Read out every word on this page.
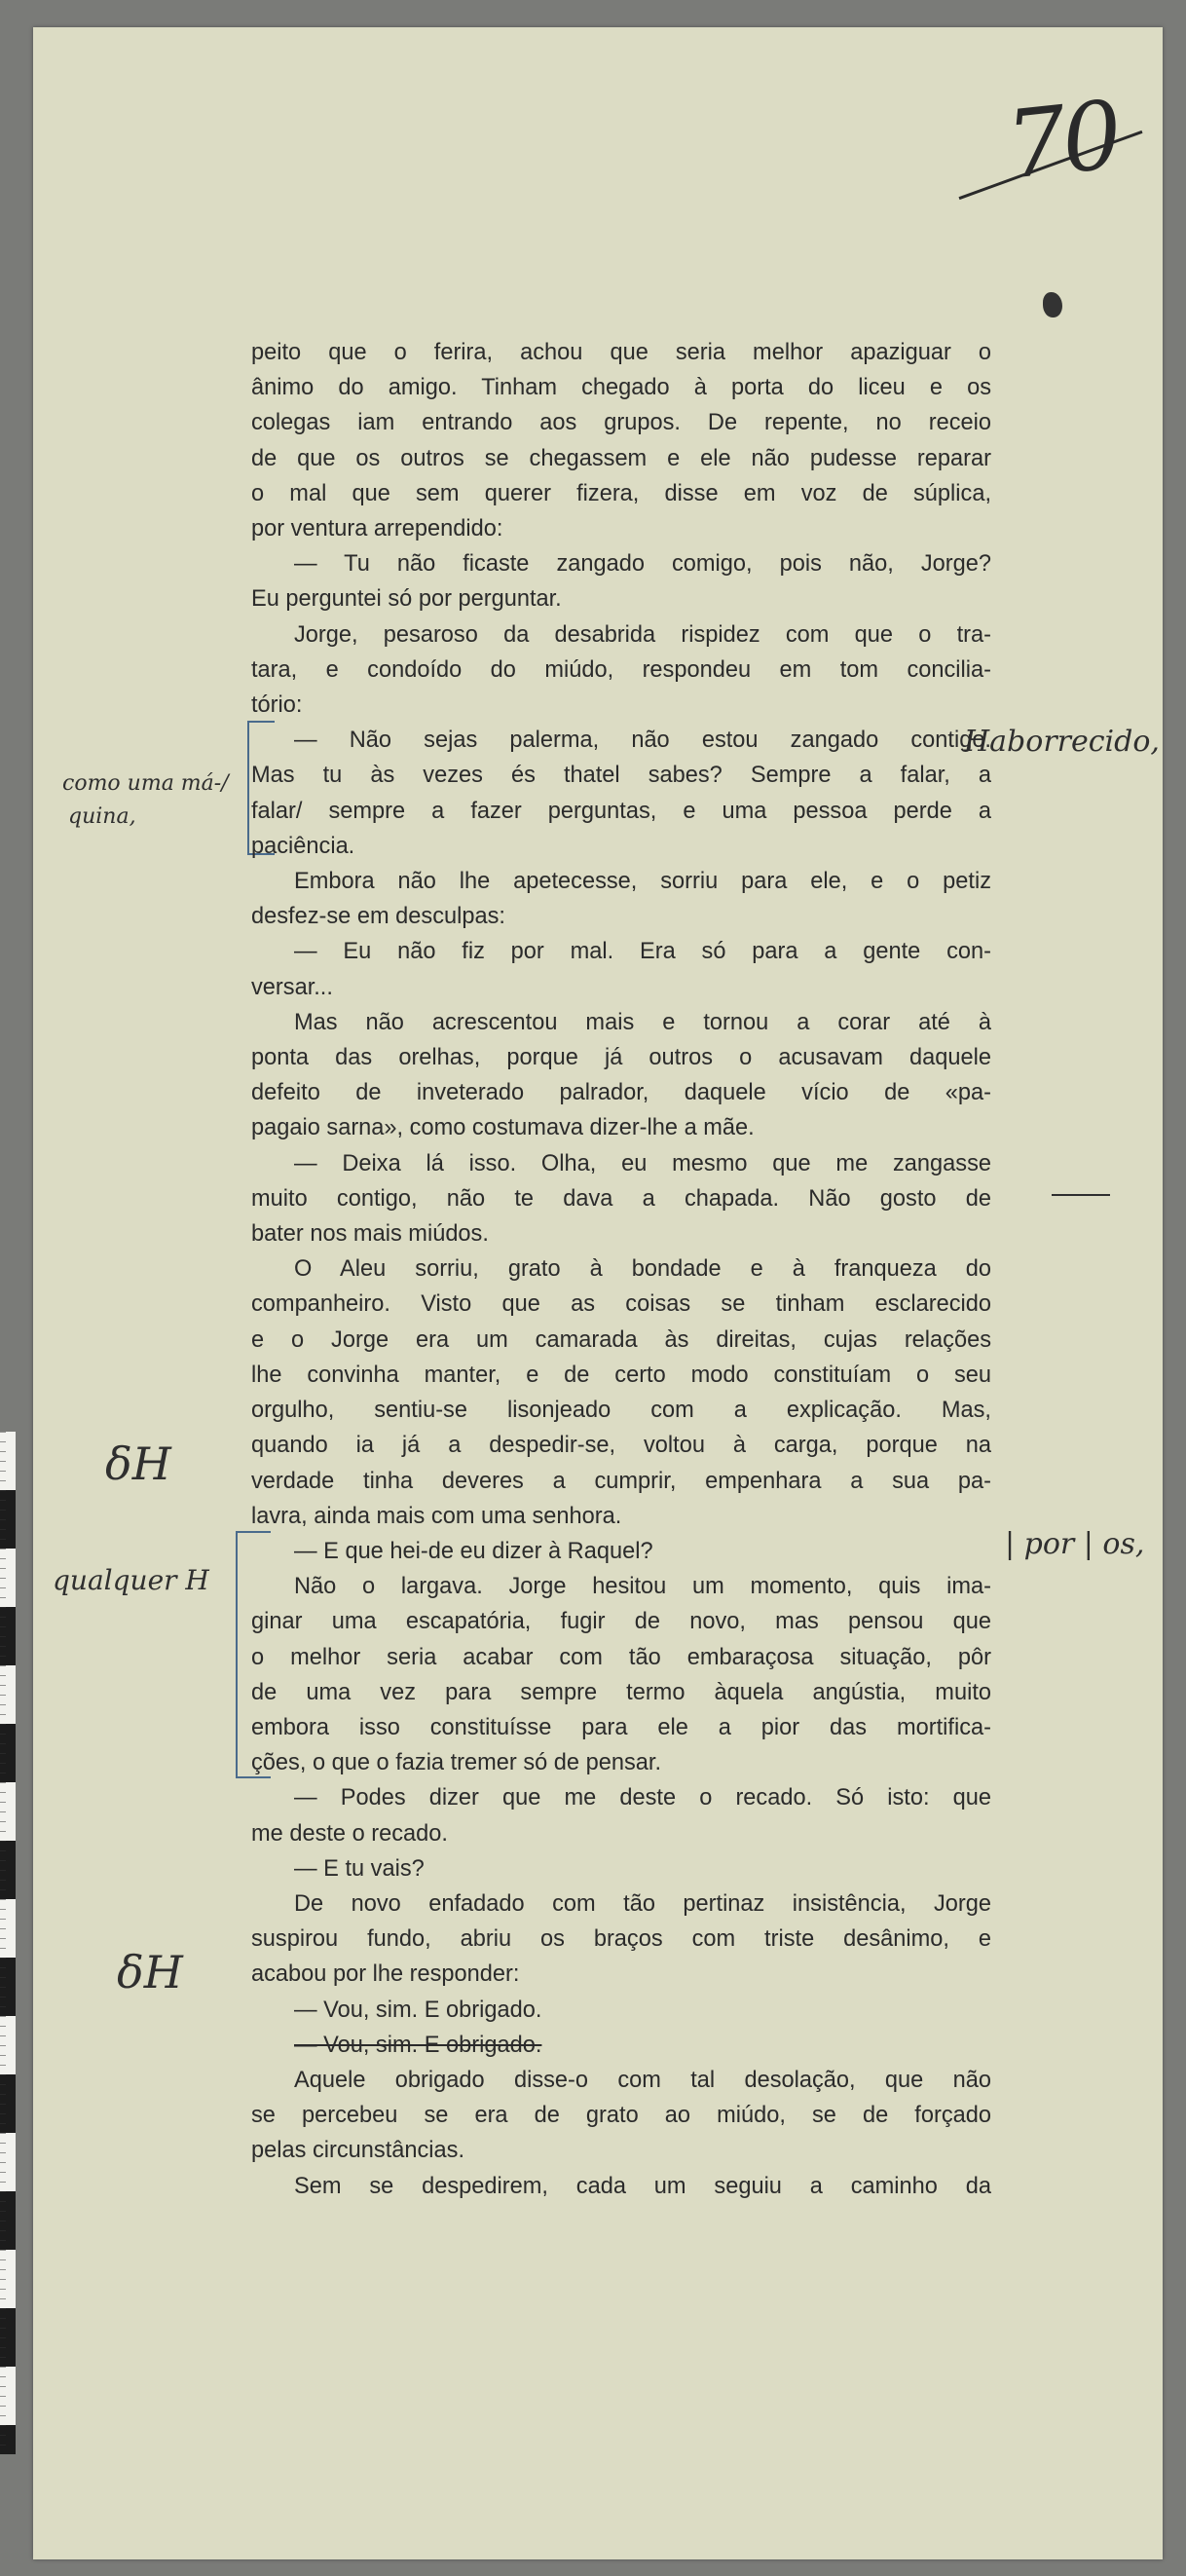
70
como uma má-/
quina,
Haborrecido,
δH
qualquer H
| por | os,
δH

peito que o ferira, achou que seria melhor apaziguar o

ânimo do amigo. Tinham chegado à porta do liceu e os

colegas iam entrando aos grupos. De repente, no receio

de que os outros se chegassem e ele não pudesse reparar

o mal que sem querer fizera, disse em voz de súplica,

por ventura arrependido:

— Tu não ficaste zangado comigo, pois não, Jorge?

Eu perguntei só por perguntar.

Jorge, pesaroso da desabrida rispidez com que o tra-

tara, e condoído do miúdo, respondeu em tom concilia-

tório:

— Não sejas palerma, não estou zangado contigo.

Mas tu às vezes és thatel sabes? Sempre a falar, a

falar/ sempre a fazer perguntas, e uma pessoa perde a

paciência.

Embora não lhe apetecesse, sorriu para ele, e o petiz

desfez-se em desculpas:

— Eu não fiz por mal. Era só para a gente con-

versar...

Mas não acrescentou mais e tornou a corar até à

ponta das orelhas, porque já outros o acusavam daquele

defeito de inveterado palrador, daquele vício de «pa-

pagaio sarna», como costumava dizer-lhe a mãe.

— Deixa lá isso. Olha, eu mesmo que me zangasse

muito contigo, não te dava a chapada. Não gosto de

bater nos mais miúdos.

O Aleu sorriu, grato à bondade e à franqueza do

companheiro. Visto que as coisas se tinham esclarecido

e o Jorge era um camarada às direitas, cujas relações

lhe convinha manter, e de certo modo constituíam o seu

orgulho, sentiu-se lisonjeado com a explicação. Mas,

quando ia já a despedir-se, voltou à carga, porque na

verdade tinha deveres a cumprir, empenhara a sua pa-

lavra, ainda mais com uma senhora.

— E que hei-de eu dizer à Raquel?

Não o largava. Jorge hesitou um momento, quis ima-

ginar uma escapatória, fugir de novo, mas pensou que

o melhor seria acabar com tão embaraçosa situação, pôr

de uma vez para sempre termo àquela angústia, muito

embora isso constituísse para ele a pior das mortifica-

ções, o que o fazia tremer só de pensar.

— Podes dizer que me deste o recado. Só isto: que

me deste o recado.

— E tu vais?

De novo enfadado com tão pertinaz insistência, Jorge

suspirou fundo, abriu os braços com triste desânimo, e

acabou por lhe responder:

— Vou, sim. E obrigado.

— Vou, sim. E obrigado.

Aquele obrigado disse-o com tal desolação, que não

se percebeu se era de grato ao miúdo, se de forçado

pelas circunstâncias.

Sem se despedirem, cada um seguiu a caminho da
